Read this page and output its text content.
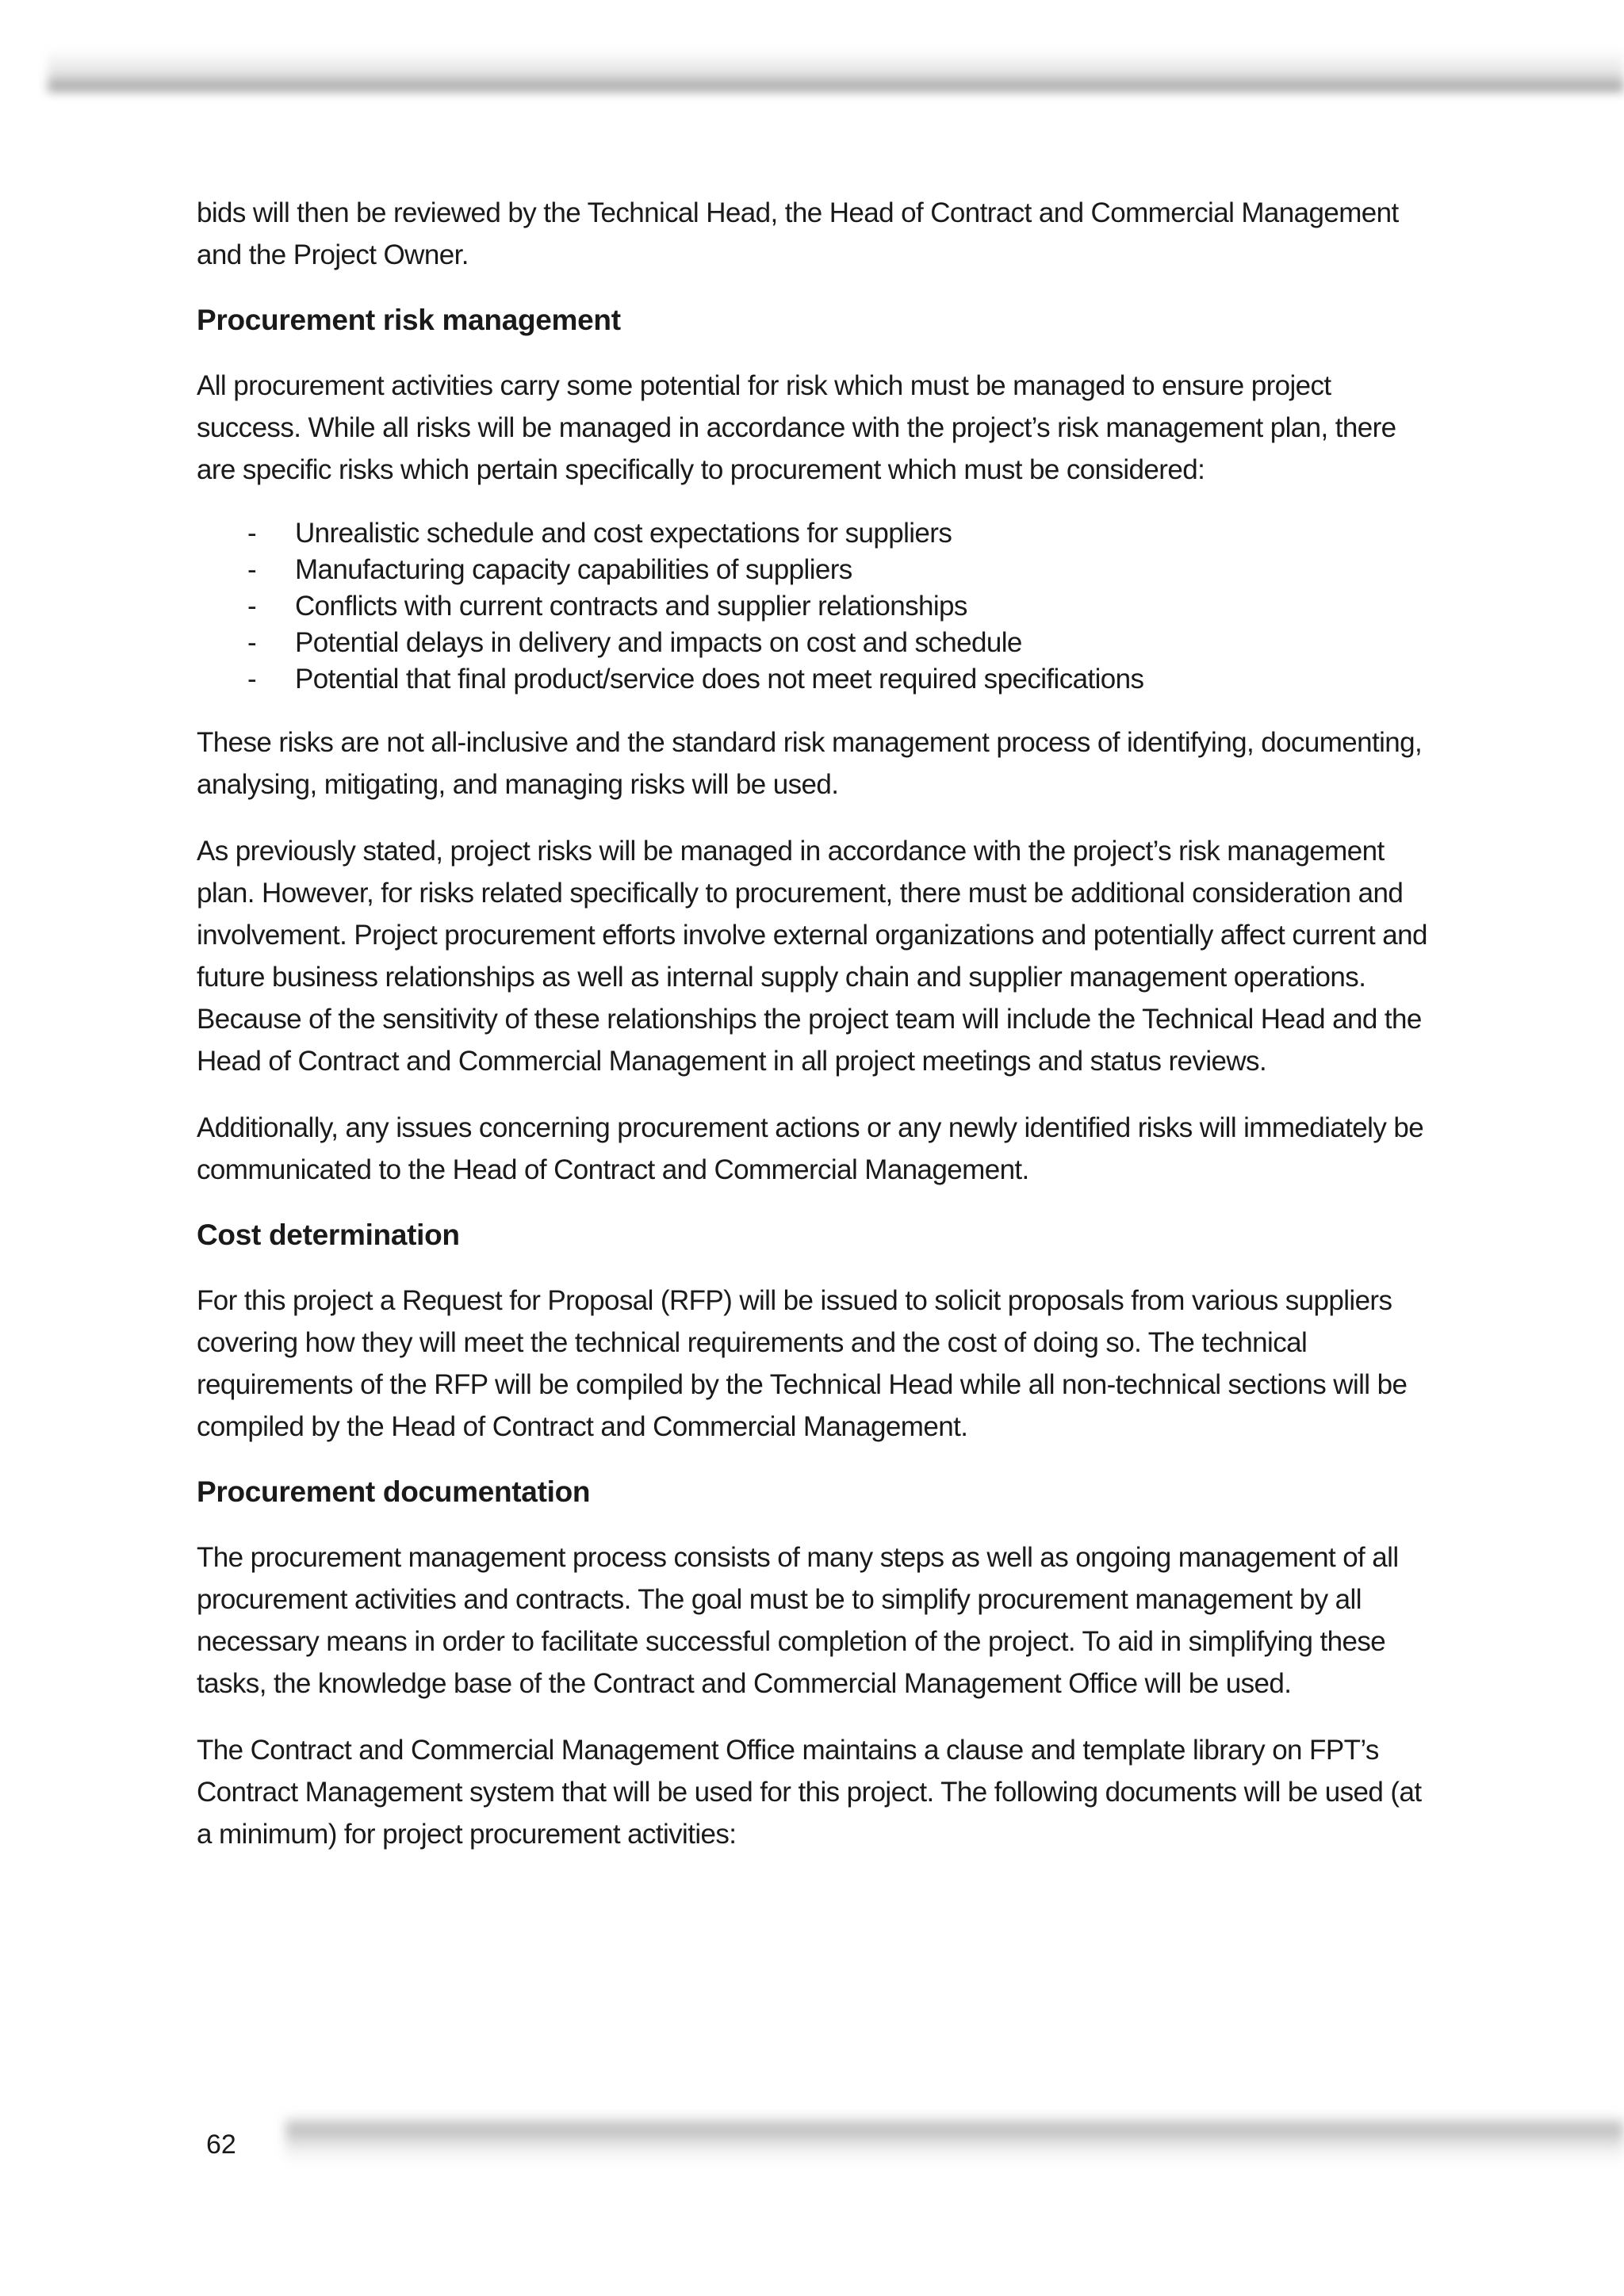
bids will then be reviewed by the Technical Head, the Head of Contract and Commercial Management and the Project Owner.

Procurement risk management

All procurement activities carry some potential for risk which must be managed to ensure project success. While all risks will be managed in accordance with the project’s risk management plan, there are specific risks which pertain specifically to procurement which must be considered:

-	Unrealistic schedule and cost expectations for suppliers
-	Manufacturing capacity capabilities of suppliers
-	Conflicts with current contracts and supplier relationships
-	Potential delays in delivery and impacts on cost and schedule
-	Potential that final product/service does not meet required specifications

These risks are not all-inclusive and the standard risk management process of identifying, documenting, analysing, mitigating, and managing risks will be used.

As previously stated, project risks will be managed in accordance with the project’s risk management plan. However, for risks related specifically to procurement, there must be additional consideration and involvement. Project procurement efforts involve external organizations and potentially affect current and future business relationships as well as internal supply chain and supplier management operations. Because of the sensitivity of these relationships the project team will include the Technical Head and the Head of Contract and Commercial Management in all project meetings and status reviews.

Additionally, any issues concerning procurement actions or any newly identified risks will immediately be communicated to the Head of Contract and Commercial Management.

Cost determination

For this project a Request for Proposal (RFP) will be issued to solicit proposals from various suppliers covering how they will meet the technical requirements and the cost of doing so. The technical requirements of the RFP will be compiled by the Technical Head while all non-technical sections will be compiled by the Head of Contract and Commercial Management.

Procurement documentation

The procurement management process consists of many steps as well as ongoing management of all procurement activities and contracts. The goal must be to simplify procurement management by all necessary means in order to facilitate successful completion of the project. To aid in simplifying these tasks, the knowledge base of the Contract and Commercial Management Office will be used.

The Contract and Commercial Management Office maintains a clause and template library on FPT’s Contract Management system that will be used for this project. The following documents will be used (at a minimum) for project procurement activities:

62
